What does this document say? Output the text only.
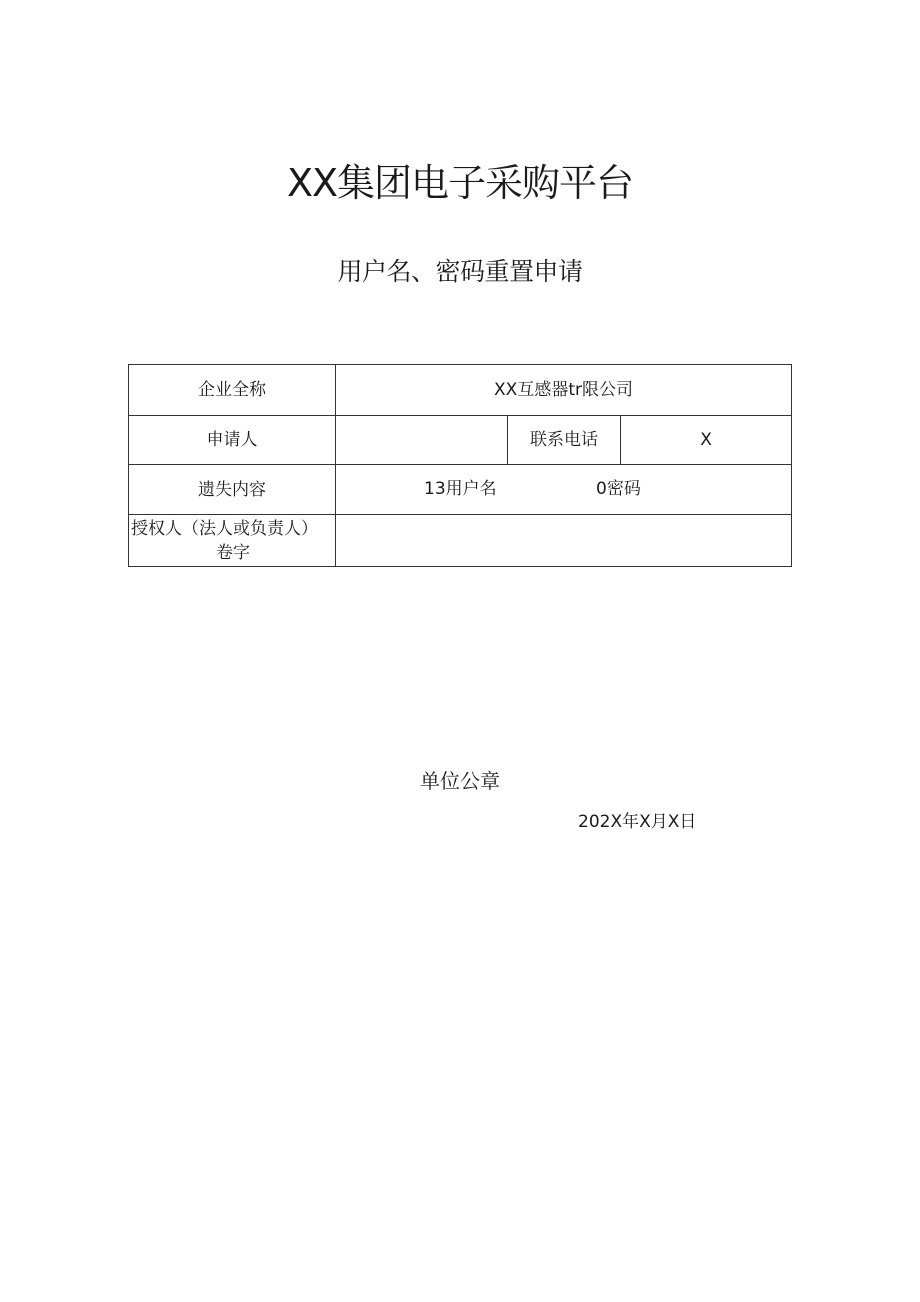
XX集团电子采购平台
用户名、密码重置申请
企业全称	XX互感器tr限公司		
申请人		联系电话	X
遗失内容	13用户名 0密码		

授权人（法人或负责人）
卷字			

单位公章
202X年X月X日
